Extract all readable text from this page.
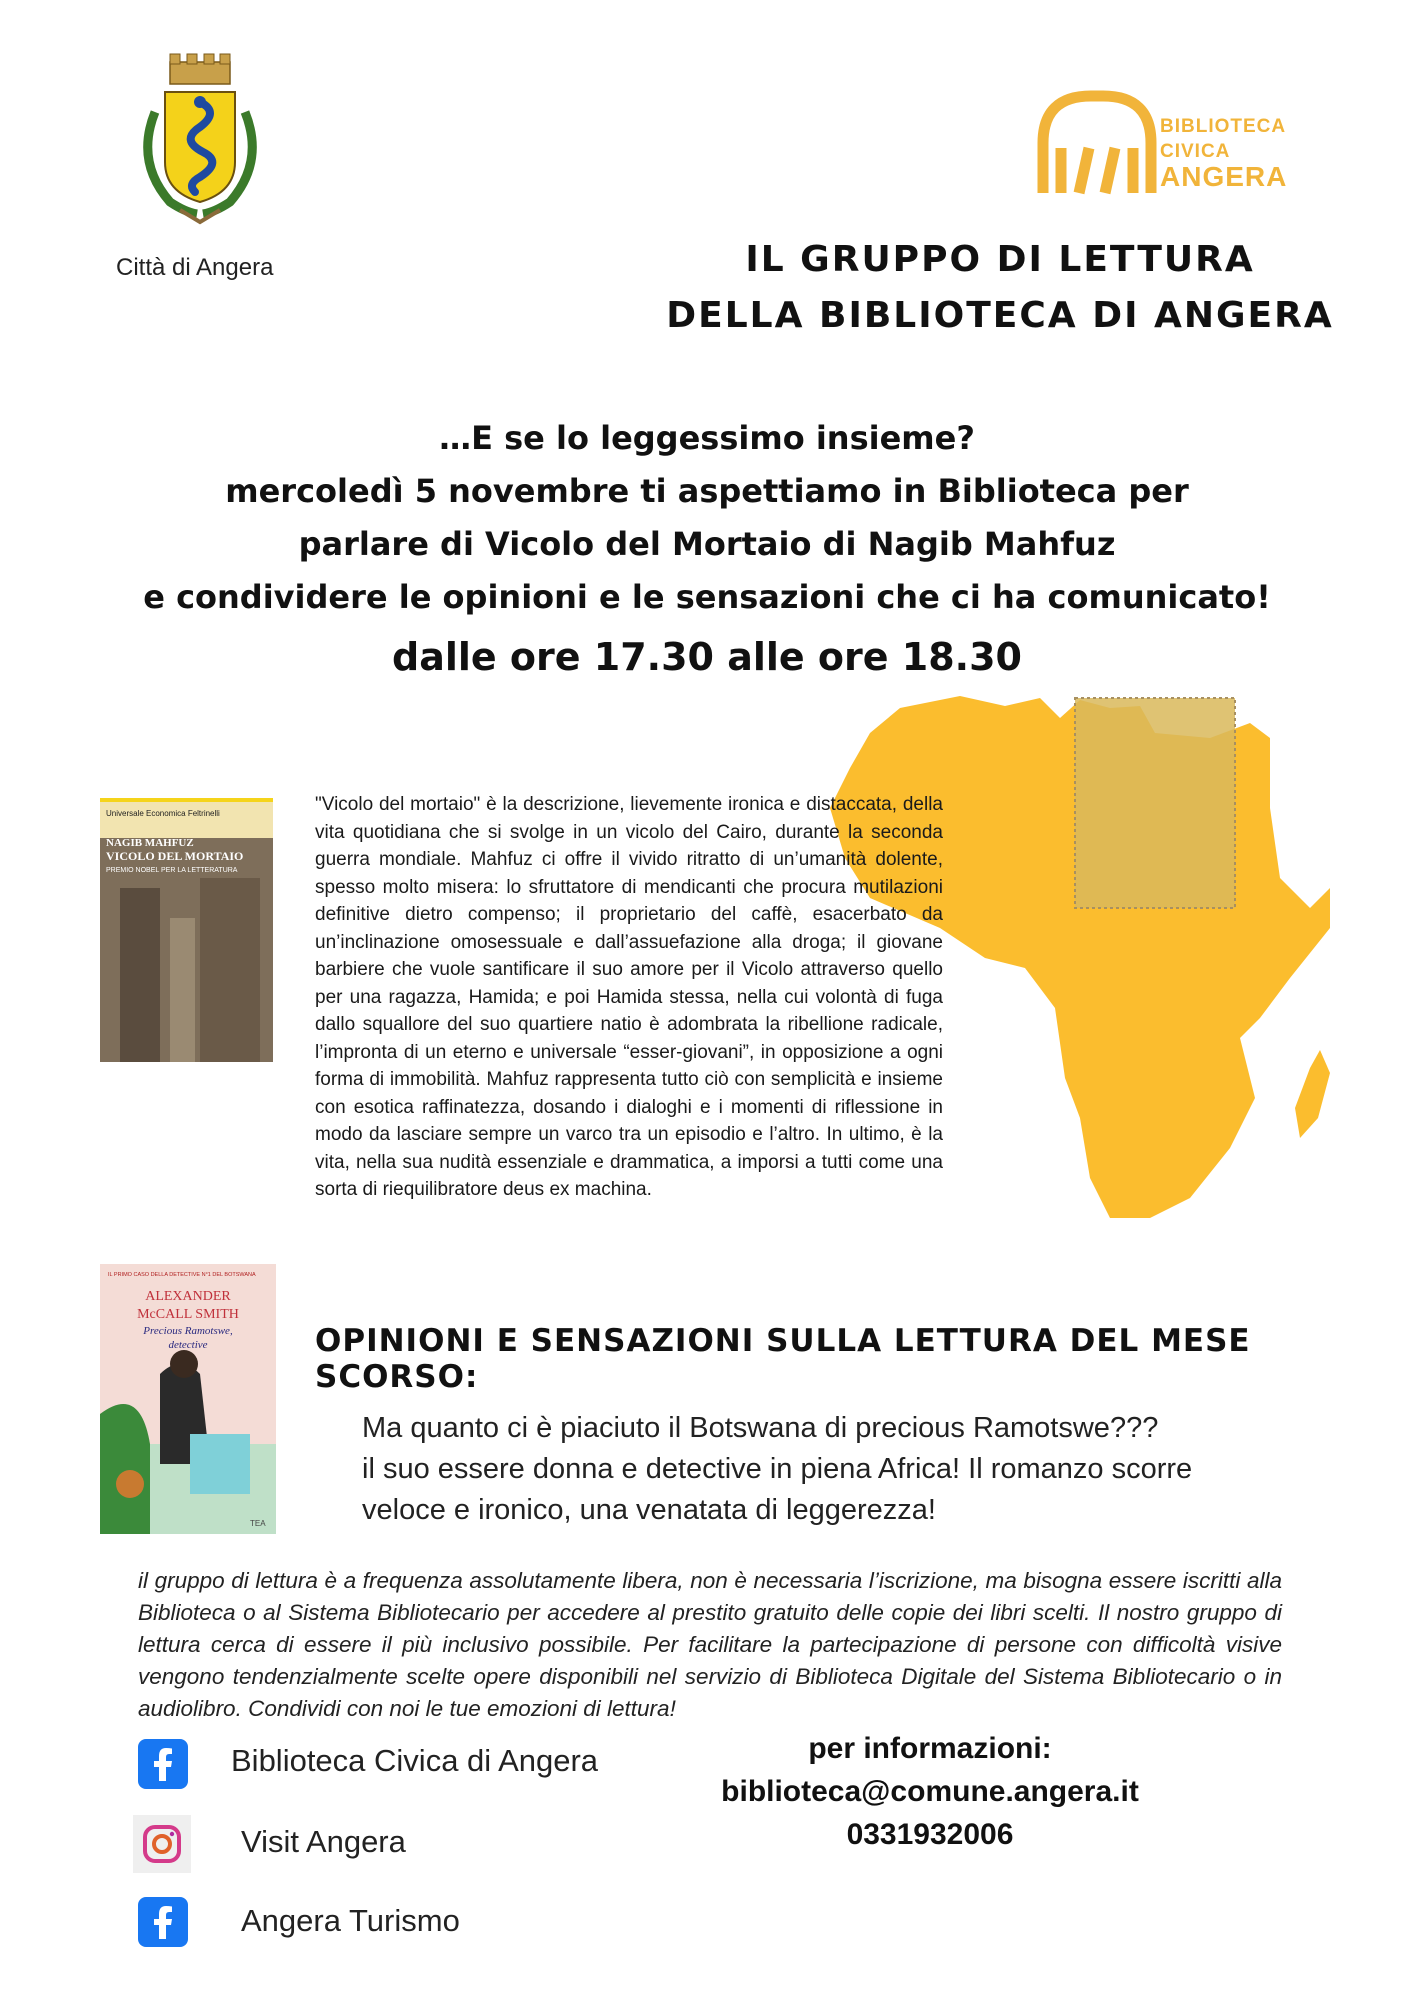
Città di Angera
BIBLIOTECA
CIVICA
ANGERA
IL GRUPPO DI LETTURA
DELLA BIBLIOTECA DI ANGERA
…E se lo leggessimo insieme?
mercoledì 5 novembre ti aspettiamo in Biblioteca per
parlare di Vicolo del Mortaio di Nagib Mahfuz
e condividere le opinioni e le sensazioni che ci ha comunicato!
dalle ore 17.30 alle ore 18.30
Universale Economica Feltrinelli
NAGIB MAHFUZ
VICOLO DEL MORTAIO
PREMIO NOBEL PER LA LETTERATURA
"Vicolo del mortaio" è la descrizione, lievemente ironica e distaccata, della vita quotidiana che si svolge in un vicolo del Cairo, durante la seconda guerra mondiale. Mahfuz ci offre il vivido ritratto di un’umanità dolente, spesso molto misera: lo sfruttatore di mendicanti che procura mutilazioni definitive dietro compenso; il proprietario del caffè, esacerbato da un’inclinazione omosessuale e dall’assuefazione alla droga; il giovane barbiere che vuole santificare il suo amore per il Vicolo attraverso quello per una ragazza, Hamida; e poi Hamida stessa, nella cui volontà di fuga dallo squallore del suo quartiere natio è adombrata la ribellione radicale, l’impronta di un eterno e universale “esser-giovani”, in opposizione a ogni forma di immobilità. Mahfuz rappresenta tutto ciò con semplicità e insieme con esotica raffinatezza, dosando i dialoghi e i momenti di riflessione in modo da lasciare sempre un varco tra un episodio e l’altro. In ultimo, è la vita, nella sua nudità essenziale e drammatica, a imporsi a tutti come una sorta di riequilibratore deus ex machina.
IL PRIMO CASO DELLA DETECTIVE N°1 DEL BOTSWANA
ALEXANDER
McCALL SMITH
Precious Ramotswe,
detective
TEA
OPINIONI E SENSAZIONI SULLA LETTURA DEL MESE SCORSO:
Ma quanto ci è piaciuto il Botswana di precious Ramotswe???
il suo essere donna e detective in piena Africa! Il romanzo scorre
veloce e ironico, una venatata di leggerezza!
il gruppo di lettura è a frequenza assolutamente libera, non è necessaria l’iscrizione, ma bisogna essere iscritti alla Biblioteca o al Sistema Bibliotecario per accedere al prestito gratuito delle copie dei libri scelti. Il nostro gruppo di lettura cerca di essere il più inclusivo possibile. Per facilitare la partecipazione di persone con difficoltà visive vengono tendenzialmente scelte opere disponibili nel servizio di Biblioteca Digitale del Sistema Bibliotecario o in audiolibro. Condividi con noi le tue emozioni di lettura!
Biblioteca Civica di Angera
Visit Angera
Angera Turismo
per informazioni:
biblioteca@comune.angera.it
0331932006
